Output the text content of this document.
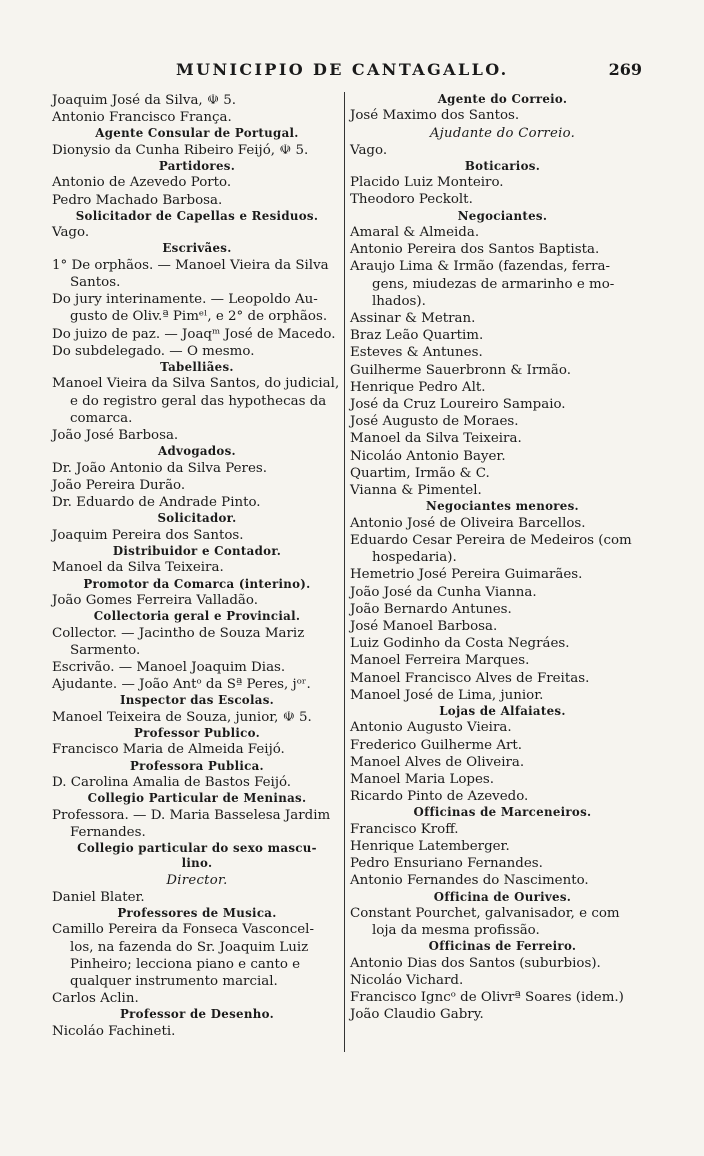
MUNICIPIO DE CANTAGALLO.	269
Joaquim José da Silva, ☫ 5.
Antonio Francisco França.
Agente Consular de Portugal.
Dionysio da Cunha Ribeiro Feijó, ☫ 5.
Partidores.
Antonio de Azevedo Porto.
Pedro Machado Barbosa.
Solicitador de Capellas e Residuos.
Vago.
Escrivães.
1° De orphãos. — Manoel Vieira da Silva
Santos.
Do jury interinamente. — Leopoldo Au-
gusto de Oliv.ª Pimᵉˡ, e 2° de orphãos.
Do juizo de paz. — Joaqᵐ José de Macedo.
Do subdelegado. — O mesmo.
Tabelliães.
Manoel Vieira da Silva Santos, do judicial,
e do registro geral das hypothecas da
comarca.
João José Barbosa.
Advogados.
Dr. João Antonio da Silva Peres.
João Pereira Durão.
Dr. Eduardo de Andrade Pinto.
Solicitador.
Joaquim Pereira dos Santos.
Distribuidor e Contador.
Manoel da Silva Teixeira.
Promotor da Comarca (interino).
João Gomes Ferreira Valladão.
Collectoria geral e Provincial.
Collector. — Jacintho de Souza Mariz
Sarmento.
Escrivão. — Manoel Joaquim Dias.
Ajudante. — João Antᵒ da Sª Peres, jᵒʳ.
Inspector das Escolas.
Manoel Teixeira de Souza, junior, ☫ 5.
Professor Publico.
Francisco Maria de Almeida Feijó.
Professora Publica.
D. Carolina Amalia de Bastos Feijó.
Collegio Particular de Meninas.
Professora. — D. Maria Basselesa Jardim
Fernandes.
Collegio particular do sexo mascu-
lino.
Director.
Daniel Blater.
Professores de Musica.
Camillo Pereira da Fonseca Vasconcel-
los, na fazenda do Sr. Joaquim Luiz
Pinheiro; lecciona piano e canto e
qualquer instrumento marcial.
Carlos Aclin.
Professor de Desenho.
Nicoláo Fachineti.
Agente do Correio.
José Maximo dos Santos.
Ajudante do Correio.
Vago.
Boticarios.
Placido Luiz Monteiro.
Theodoro Peckolt.
Negociantes.
Amaral & Almeida.
Antonio Pereira dos Santos Baptista.
Araujo Lima & Irmão (fazendas, ferra-
gens, miudezas de armarinho e mo-
lhados).
Assinar & Metran.
Braz Leão Quartim.
Esteves & Antunes.
Guilherme Sauerbronn & Irmão.
Henrique Pedro Alt.
José da Cruz Loureiro Sampaio.
José Augusto de Moraes.
Manoel da Silva Teixeira.
Nicoláo Antonio Bayer.
Quartim, Irmão & C.
Vianna & Pimentel.
Negociantes menores.
Antonio José de Oliveira Barcellos.
Eduardo Cesar Pereira de Medeiros (com
hospedaria).
Hemetrio José Pereira Guimarães.
João José da Cunha Vianna.
João Bernardo Antunes.
José Manoel Barbosa.
Luiz Godinho da Costa Negráes.
Manoel Ferreira Marques.
Manoel Francisco Alves de Freitas.
Manoel José de Lima, junior.
Lojas de Alfaiates.
Antonio Augusto Vieira.
Frederico Guilherme Art.
Manoel Alves de Oliveira.
Manoel Maria Lopes.
Ricardo Pinto de Azevedo.
Officinas de Marceneiros.
Francisco Kroff.
Henrique Latemberger.
Pedro Ensuriano Fernandes.
Antonio Fernandes do Nascimento.
Officina de Ourives.
Constant Pourchet, galvanisador, e com
loja da mesma profissão.
Officinas de Ferreiro.
Antonio Dias dos Santos (suburbios).
Nicoláo Vichard.
Francisco Igncᵒ de Olivrª Soares (idem.)
João Claudio Gabry.
